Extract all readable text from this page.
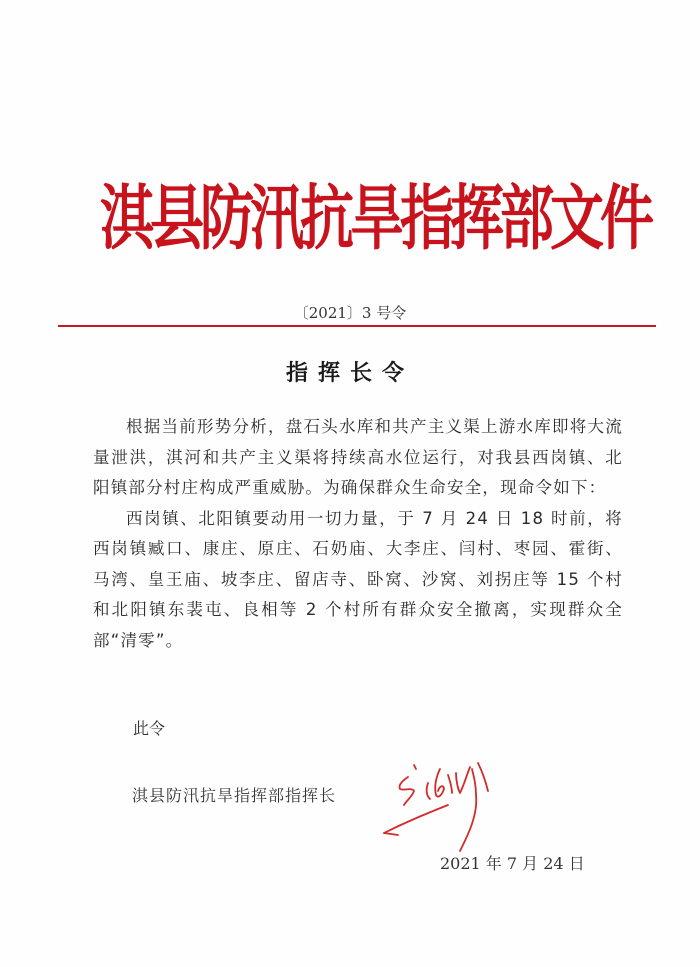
淇县防汛抗旱指挥部文件
〔2021〕3 号令
指挥长令

根据当前形势分析，盘石头水库和共产主义渠上游水库即将大流量泄洪，淇河和共产主义渠将持续高水位运行，对我县西岗镇、北阳镇部分村庄构成严重威胁。为确保群众生命安全，现命令如下：

西岗镇、北阳镇要动用一切力量，于 7 月 24 日 18 时前，将西岗镇臧口、康庄、原庄、石奶庙、大李庄、闫村、枣园、霍街、马湾、皇王庙、坡李庄、留店寺、卧窝、沙窝、刘拐庄等 15 个村和北阳镇东裴屯、良相等 2 个村所有群众安全撤离，实现群众全部“清零”。

此令
淇县防汛抗旱指挥部指挥长
2021 年 7 月 24 日
